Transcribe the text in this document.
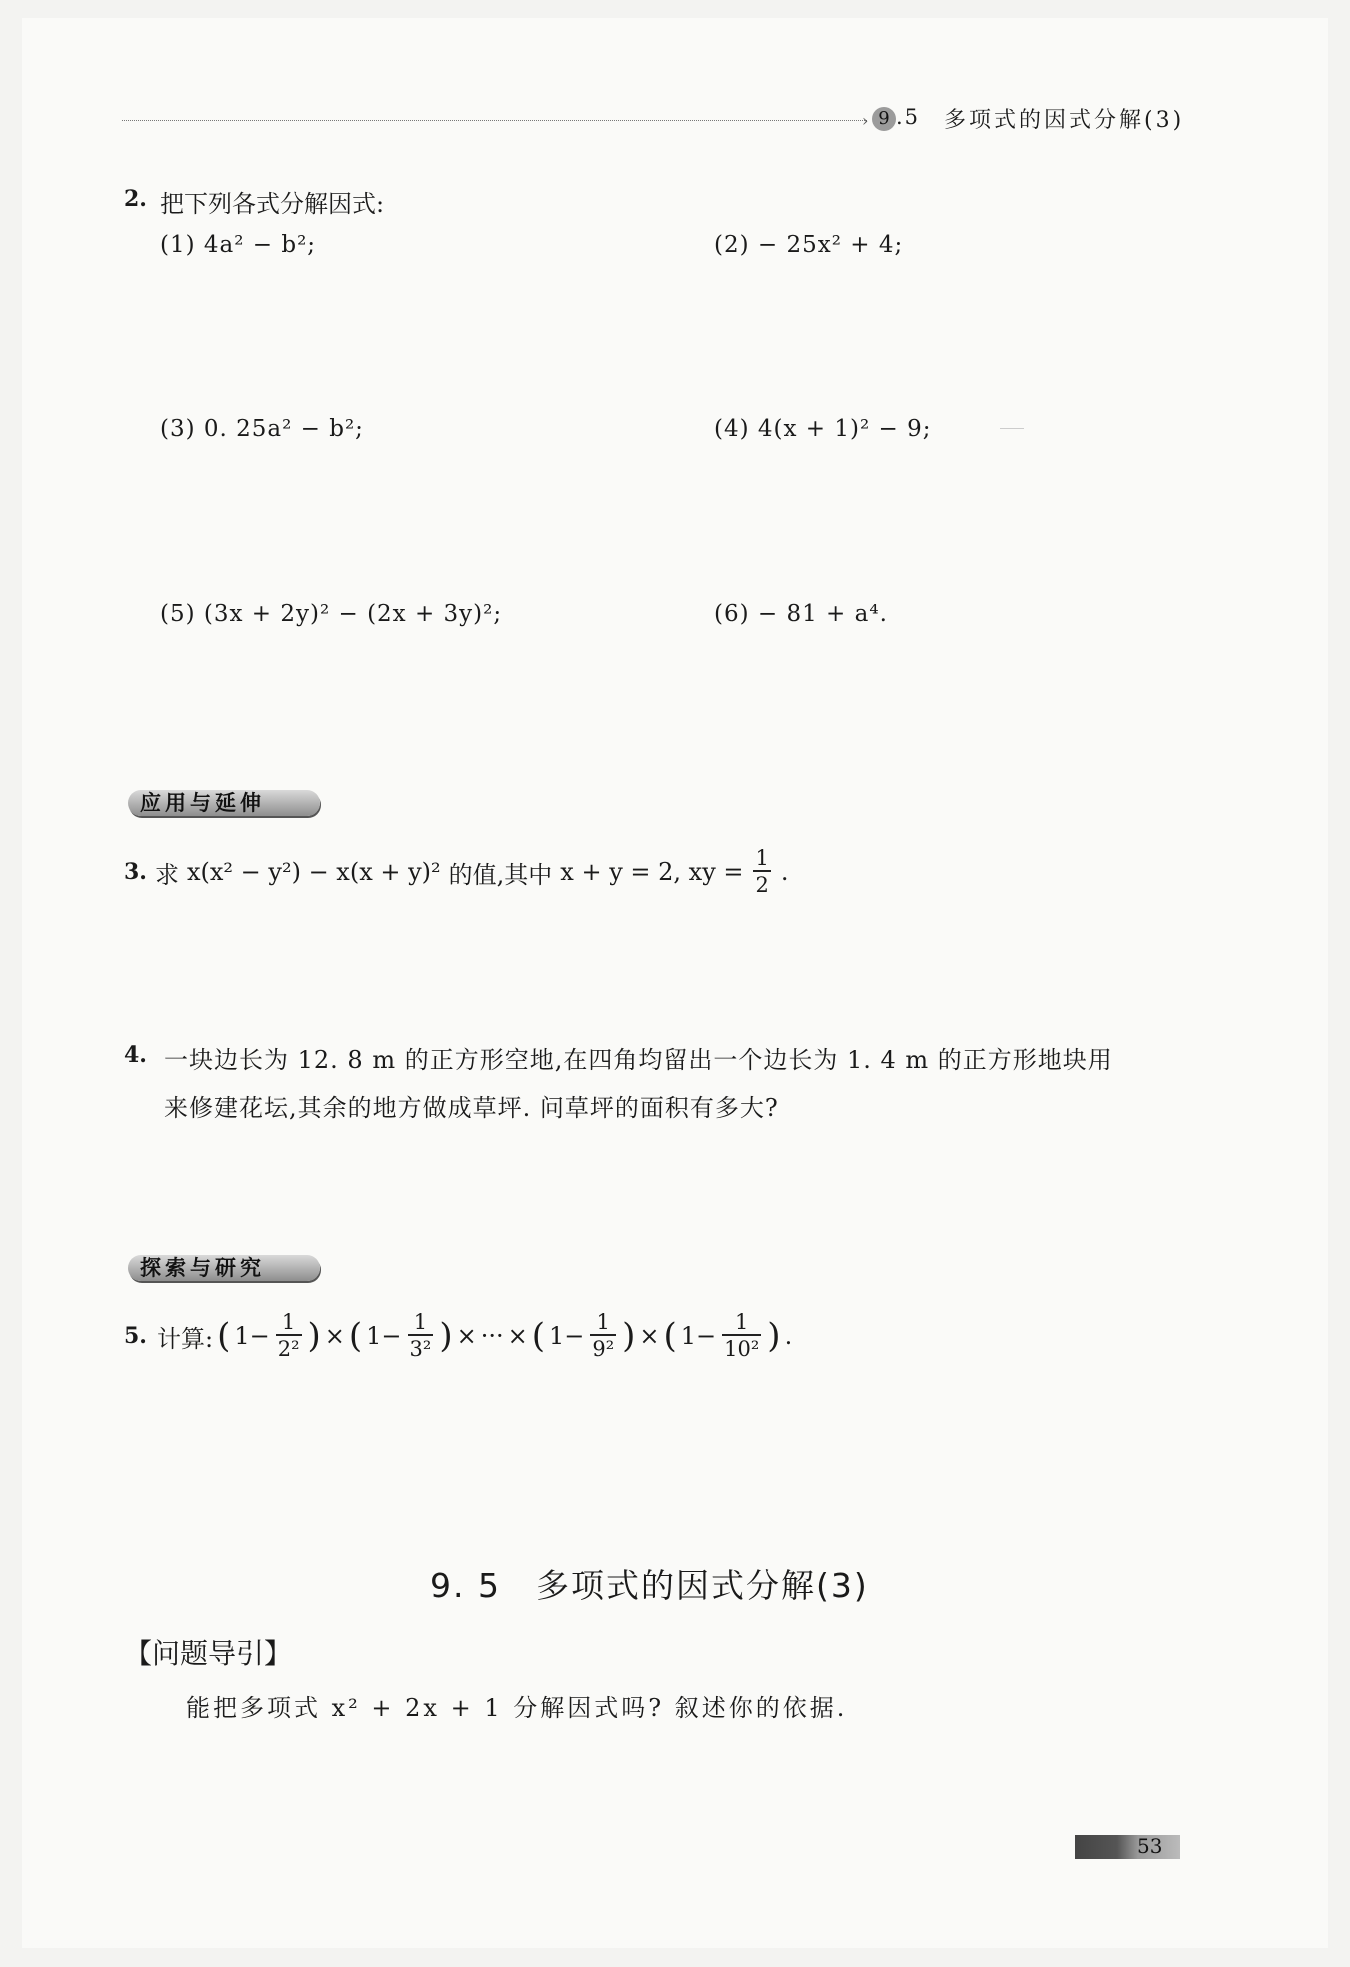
› 9 .5 多项式的因式分解(3)
2. 把下列各式分解因式:
(1) 4a² − b²;	(2) − 25x² + 4;
(3) 0. 25a² − b²;	(4) 4(x + 1)² − 9;
(5) (3x + 2y)² − (2x + 3y)²;	(6) − 81 + a⁴.
应用与延伸
3. 求 x(x² − y²) − x(x + y)² 的值,其中 x + y = 2, xy = $\frac{1}{2}$ .
4. 一块边长为 12. 8 m 的正方形空地,在四角均留出一个边长为 1. 4 m 的正方形地块用
来修建花坛,其余的地方做成草坪. 问草坪的面积有多大?
探索与研究
5. 计算: ( $1- \frac{1}{\text{2²}}$ ) × ( $1- \frac{1}{\text{3²}}$ ) × ··· × ( $1- \frac{1}{\text{9²}}$ ) × ( $1- \frac{1}{\text{10²}}$ ) .
9. 5　多项式的因式分解(3)
【问题导引】
能把多项式 x² + 2x + 1 分解因式吗? 叙述你的依据.
53
